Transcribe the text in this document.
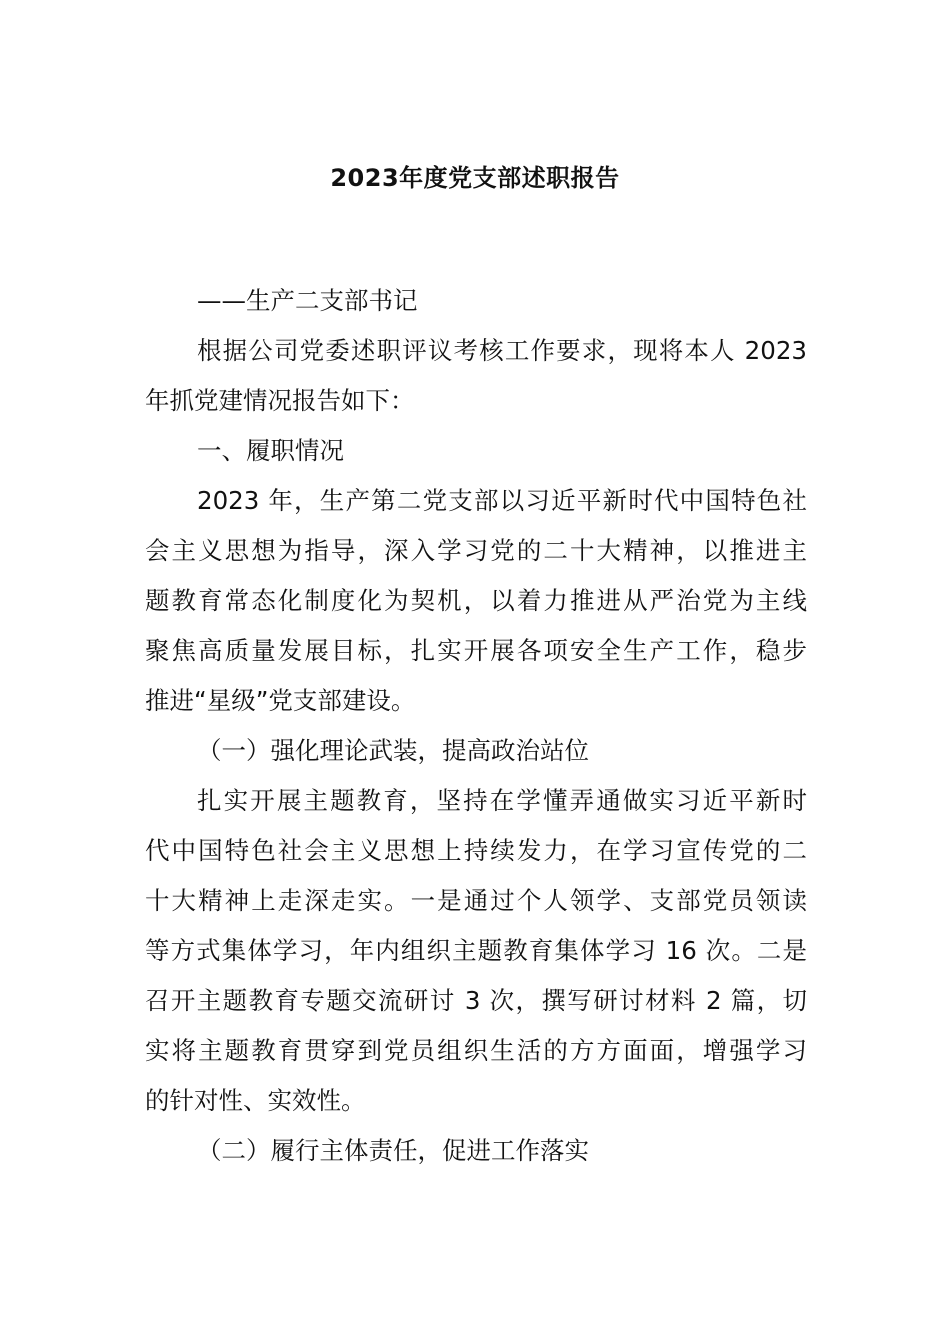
2023年度党支部述职报告
——生产二支部书记
根据公司党委述职评议考核工作要求，现将本人 2023
年抓党建情况报告如下：
一、履职情况
2023 年，生产第二党支部以习近平新时代中国特色社
会主义思想为指导，深入学习党的二十大精神，以推进主
题教育常态化制度化为契机，以着力推进从严治党为主线
聚焦高质量发展目标，扎实开展各项安全生产工作，稳步
推进“星级”党支部建设。
（一）强化理论武装，提高政治站位
扎实开展主题教育，坚持在学懂弄通做实习近平新时
代中国特色社会主义思想上持续发力，在学习宣传党的二
十大精神上走深走实。一是通过个人领学、支部党员领读
等方式集体学习，年内组织主题教育集体学习 16 次。二是
召开主题教育专题交流研讨 3 次，撰写研讨材料 2 篇，切
实将主题教育贯穿到党员组织生活的方方面面，增强学习
的针对性、实效性。
（二）履行主体责任，促进工作落实
